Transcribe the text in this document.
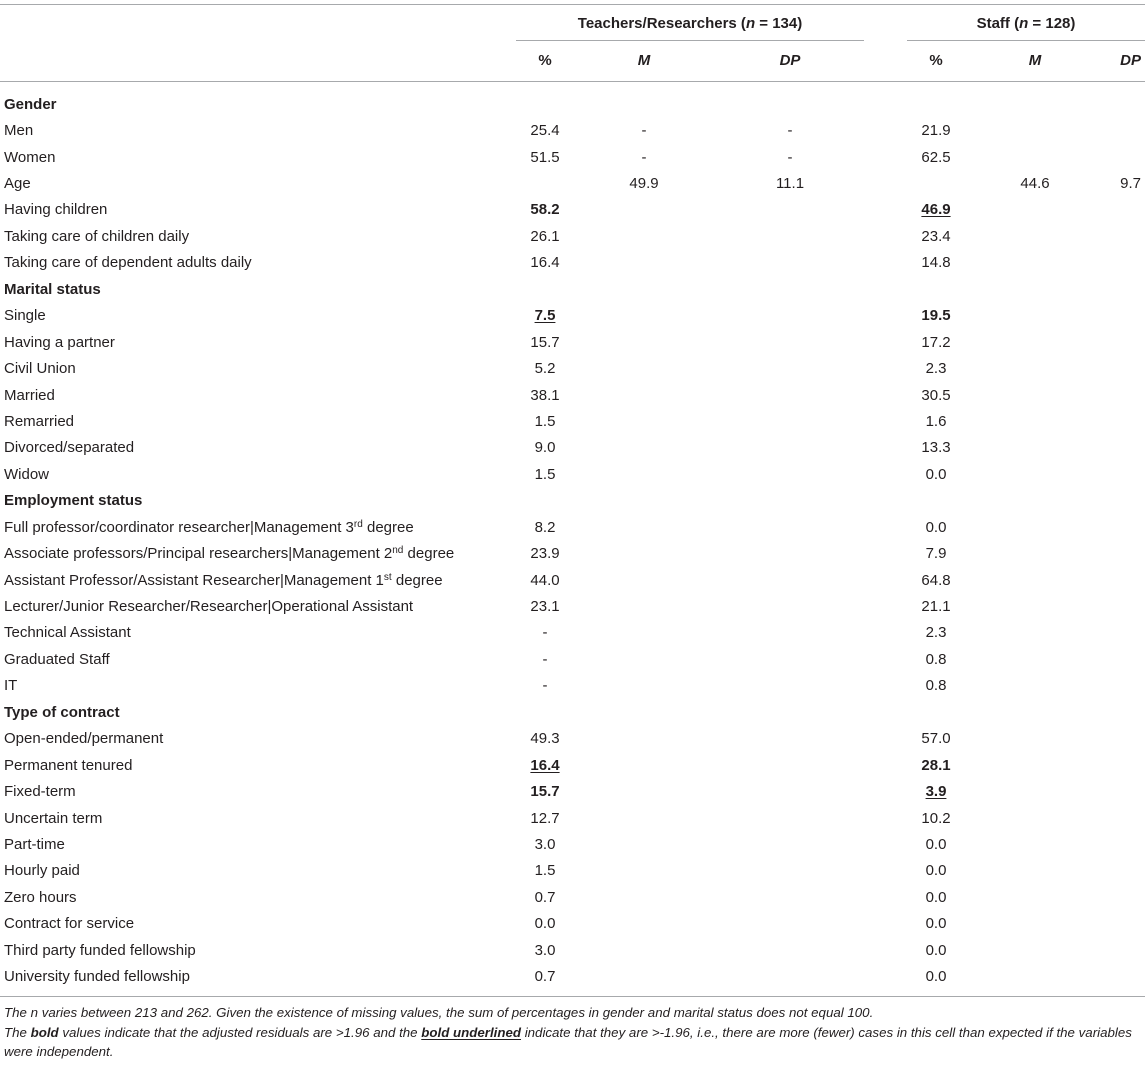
Teachers/Researchers (n = 134)	Staff (n = 128)
%	M	DP	%	M	DP
Gender										
Men	25.4		-		-		21.9			
Women	51.5		-		-		62.5			
Age			49.9		11.1				44.6	9.7
Having children	58.2						46.9			
Taking care of children daily	26.1						23.4			
Taking care of dependent adults daily	16.4						14.8			
Marital status										
Single	7.5						19.5			
Having a partner	15.7						17.2			
Civil Union	5.2						2.3			
Married	38.1						30.5			
Remarried	1.5						1.6			
Divorced/separated	9.0						13.3			
Widow	1.5						0.0			
Employment status										
Full professor/coordinator researcher|Management 3rd degree	8.2						0.0			
Associate professors/Principal researchers|Management 2nd degree	23.9						7.9			
Assistant Professor/Assistant Researcher|Management 1st degree	44.0						64.8			
Lecturer/Junior Researcher/Researcher|Operational Assistant	23.1						21.1			
Technical Assistant	-						2.3			
Graduated Staff	-						0.8			
IT	-						0.8			
Type of contract										
Open-ended/permanent	49.3						57.0			
Permanent tenured	16.4						28.1			
Fixed-term	15.7						3.9			
Uncertain term	12.7						10.2			
Part-time	3.0						0.0			
Hourly paid	1.5						0.0			
Zero hours	0.7						0.0			
Contract for service	0.0						0.0			
Third party funded fellowship	3.0						0.0			
University funded fellowship	0.7						0.0			

The n varies between 213 and 262. Given the existence of missing values, the sum of percentages in gender and marital status does not equal 100.

The bold values indicate that the adjusted residuals are >1.96 and the bold underlined indicate that they are >-1.96, i.e., there are more (fewer) cases in this cell than expected if the variables were independent.
